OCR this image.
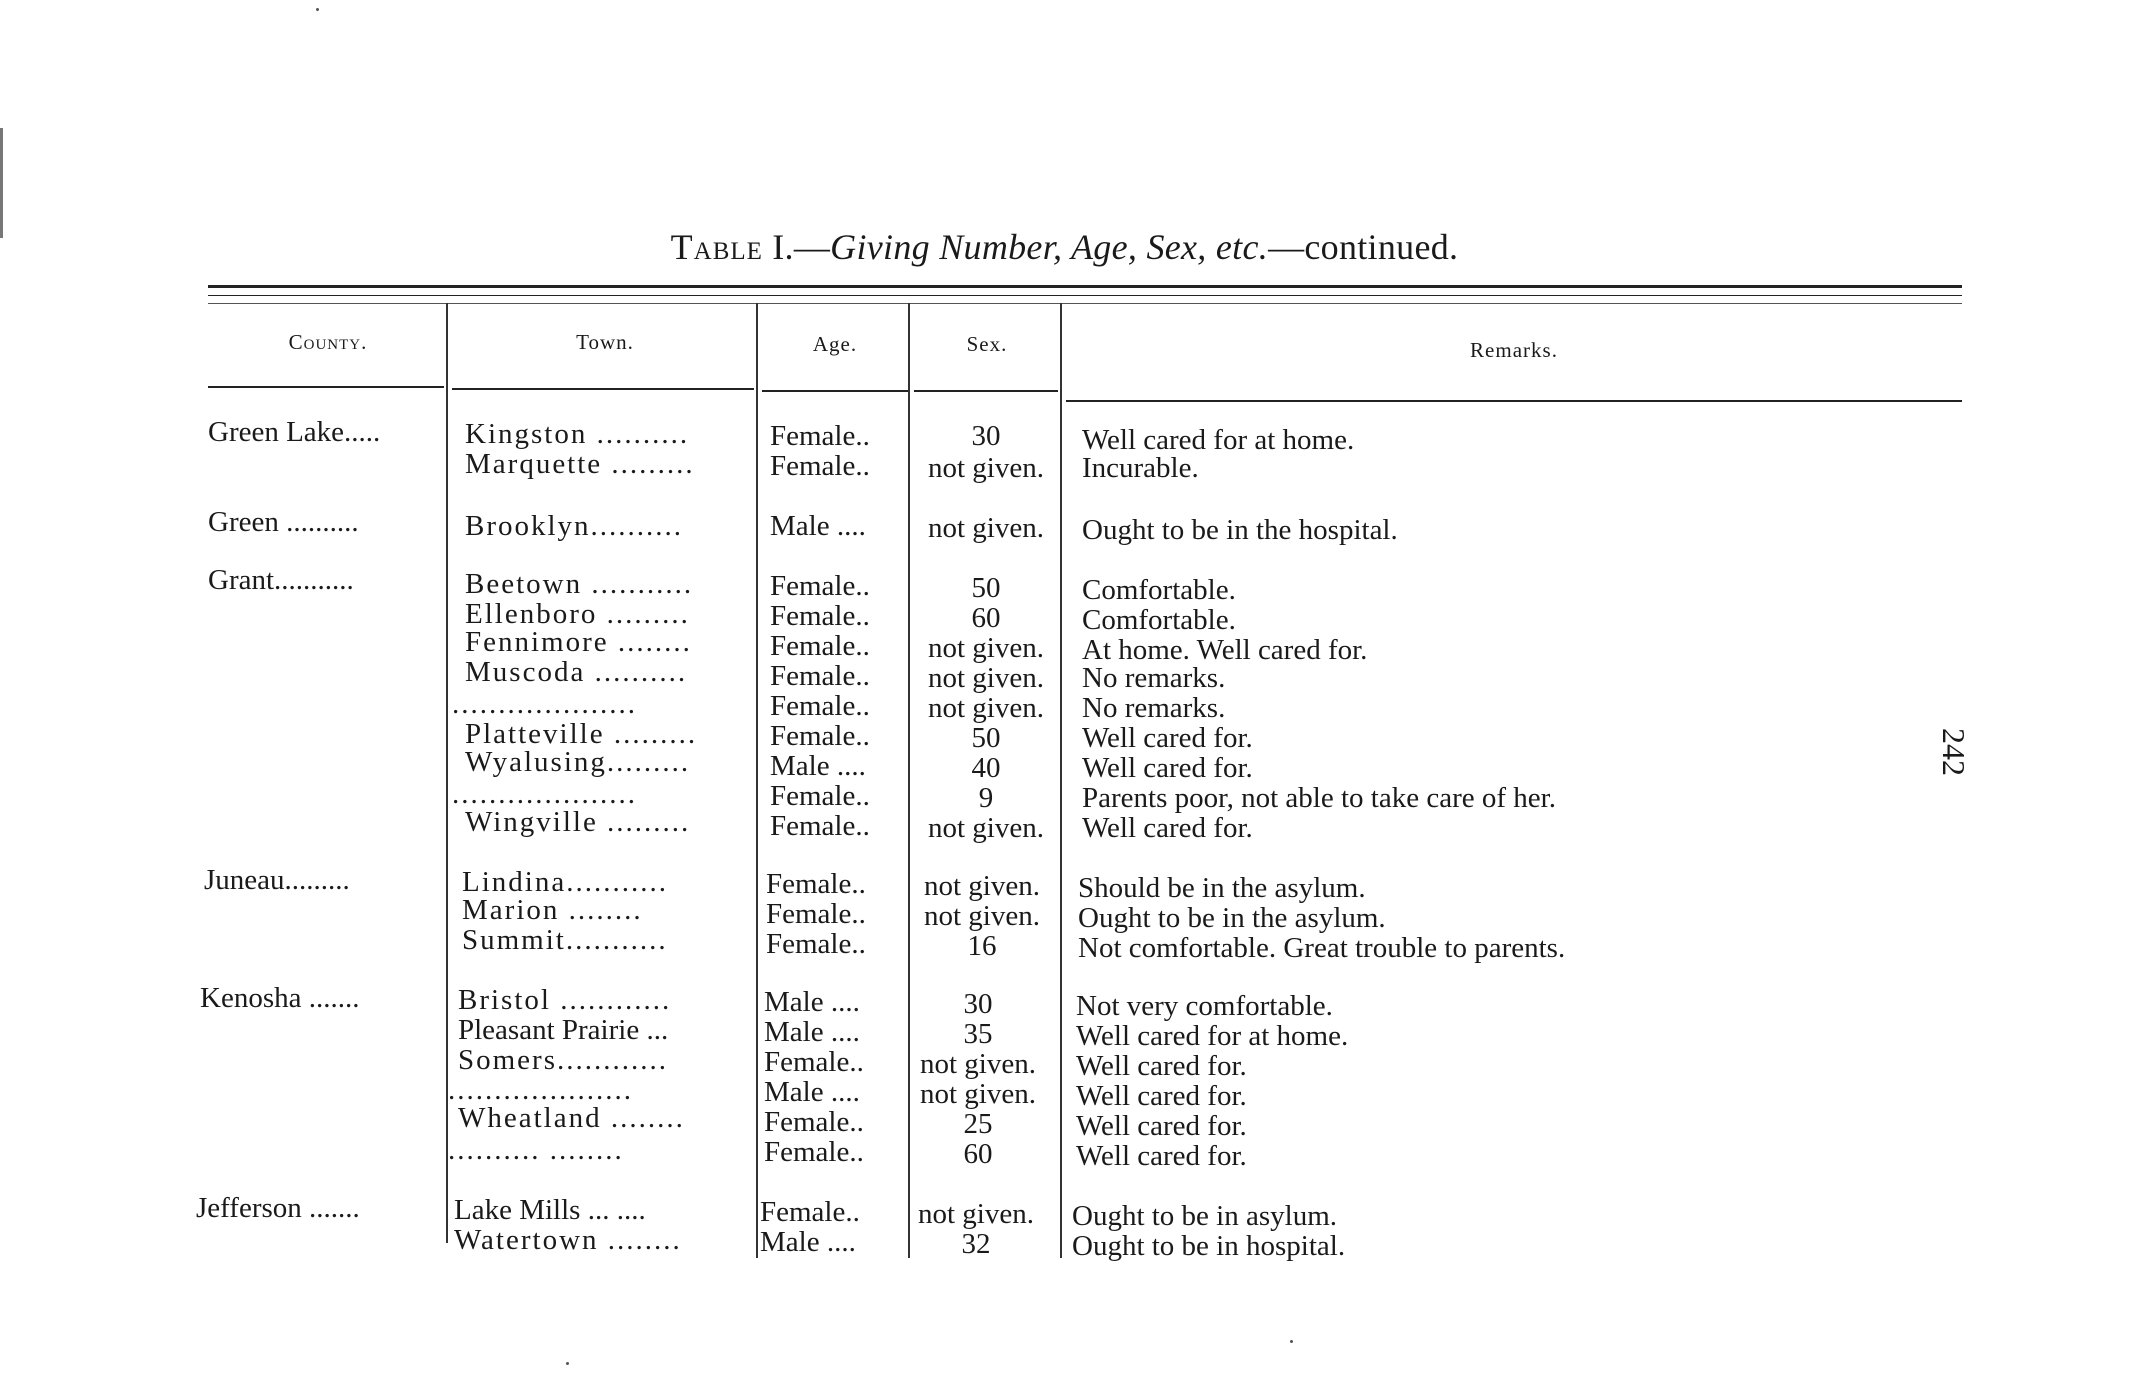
Table I.—Giving Number, Age, Sex, etc.—continued.
County.	Town.	Age.	Sex.	Remarks.
Green Lake.....	Kingston ..........	Female..	30	Well cared for at home.
Marquette .........	Female..	not given.	Incurable.
Green ..........	Brooklyn..........	Male ....	not given.	Ought to be in the hospital.
Grant...........	Beetown ...........	Female..	50	Comfortable.
Ellenboro .........	Female..	60	Comfortable.
Fennimore ........	Female..	not given.	At home. Well cared for.
Muscoda ..........	Female..	not given.	No remarks.
....................	Female..	not given.	No remarks.
Platteville .........	Female..	50	Well cared for.
Wyalusing.........	Male ....	40	Well cared for.
....................	Female..	9	Parents poor, not able to take care of her.
Wingville .........	Female..	not given.	Well cared for.
Juneau.........	Lindina...........	Female..	not given.	Should be in the asylum.
Marion ........	Female..	not given.	Ought to be in the asylum.
Summit...........	Female..	16	Not comfortable. Great trouble to parents.
Kenosha .......	Bristol ............	Male ....	30	Not very comfortable.
Pleasant Prairie ...	Male ....	35	Well cared for at home.
Somers............	Female..	not given.	Well cared for.
....................	Male ....	not given.	Well cared for.
Wheatland ........	Female..	25	Well cared for.
.......... ........	Female..	60	Well cared for.
Jefferson .......	Lake Mills ... ....	Female..	not given.	Ought to be in asylum.
Watertown ........	Male ....	32	Ought to be in hospital.
242
